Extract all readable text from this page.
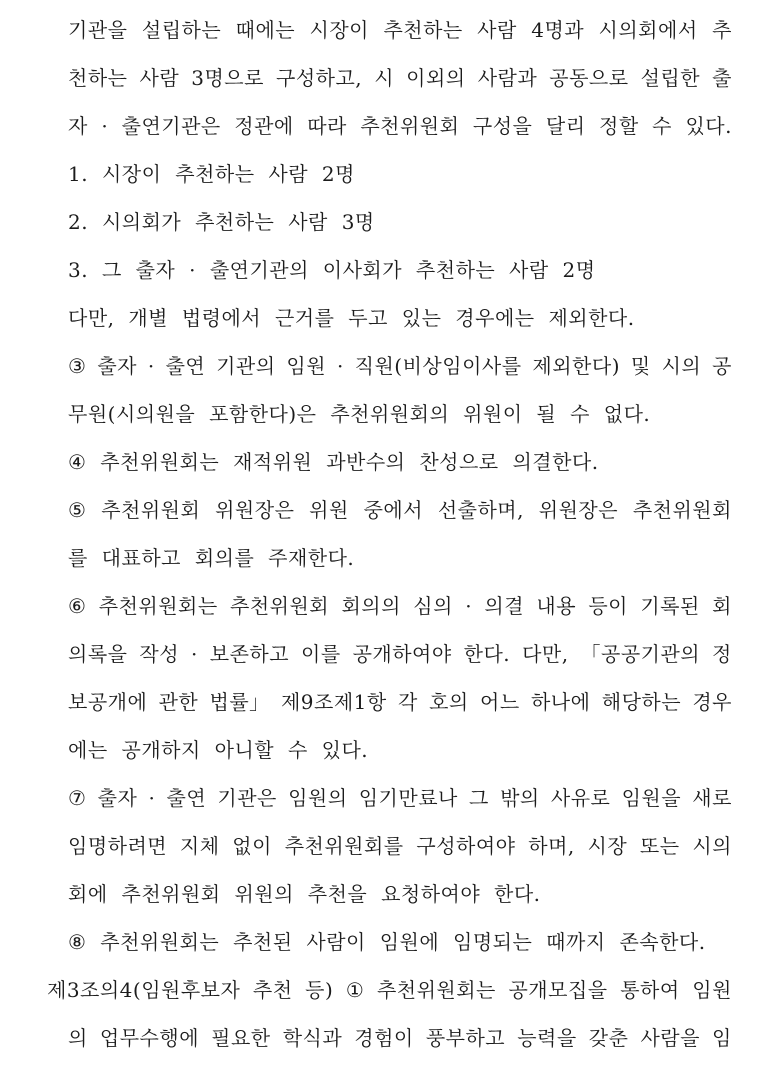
기관을 설립하는 때에는 시장이 추천하는 사람 4명과 시의회에서 추
천하는 사람 3명으로 구성하고, 시 이외의 사람과 공동으로 설립한 출
자 · 출연기관은 정관에 따라 추천위원회 구성을 달리 정할 수 있다.
1. 시장이 추천하는 사람 2명
2. 시의회가 추천하는 사람 3명
3. 그 출자 · 출연기관의 이사회가 추천하는 사람 2명
다만, 개별 법령에서 근거를 두고 있는 경우에는 제외한다.
③ 출자 · 출연 기관의 임원 · 직원(비상임이사를 제외한다) 및 시의 공
무원(시의원을 포함한다)은 추천위원회의 위원이 될 수 없다.
④ 추천위원회는 재적위원 과반수의 찬성으로 의결한다.
⑤ 추천위원회 위원장은 위원 중에서 선출하며, 위원장은 추천위원회
를 대표하고 회의를 주재한다.
⑥ 추천위원회는 추천위원회 회의의 심의 · 의결 내용 등이 기록된 회
의록을 작성 · 보존하고 이를 공개하여야 한다. 다만, 「공공기관의 정
보공개에 관한 법률」 제9조제1항 각 호의 어느 하나에 해당하는 경우
에는 공개하지 아니할 수 있다.
⑦ 출자 · 출연 기관은 임원의 임기만료나 그 밖의 사유로 임원을 새로
임명하려면 지체 없이 추천위원회를 구성하여야 하며, 시장 또는 시의
회에 추천위원회 위원의 추천을 요청하여야 한다.
⑧ 추천위원회는 추천된 사람이 임원에 임명되는 때까지 존속한다.
제3조의4(임원후보자 추천 등) ① 추천위원회는 공개모집을 통하여 임원
의 업무수행에 필요한 학식과 경험이 풍부하고 능력을 갖춘 사람을 임
